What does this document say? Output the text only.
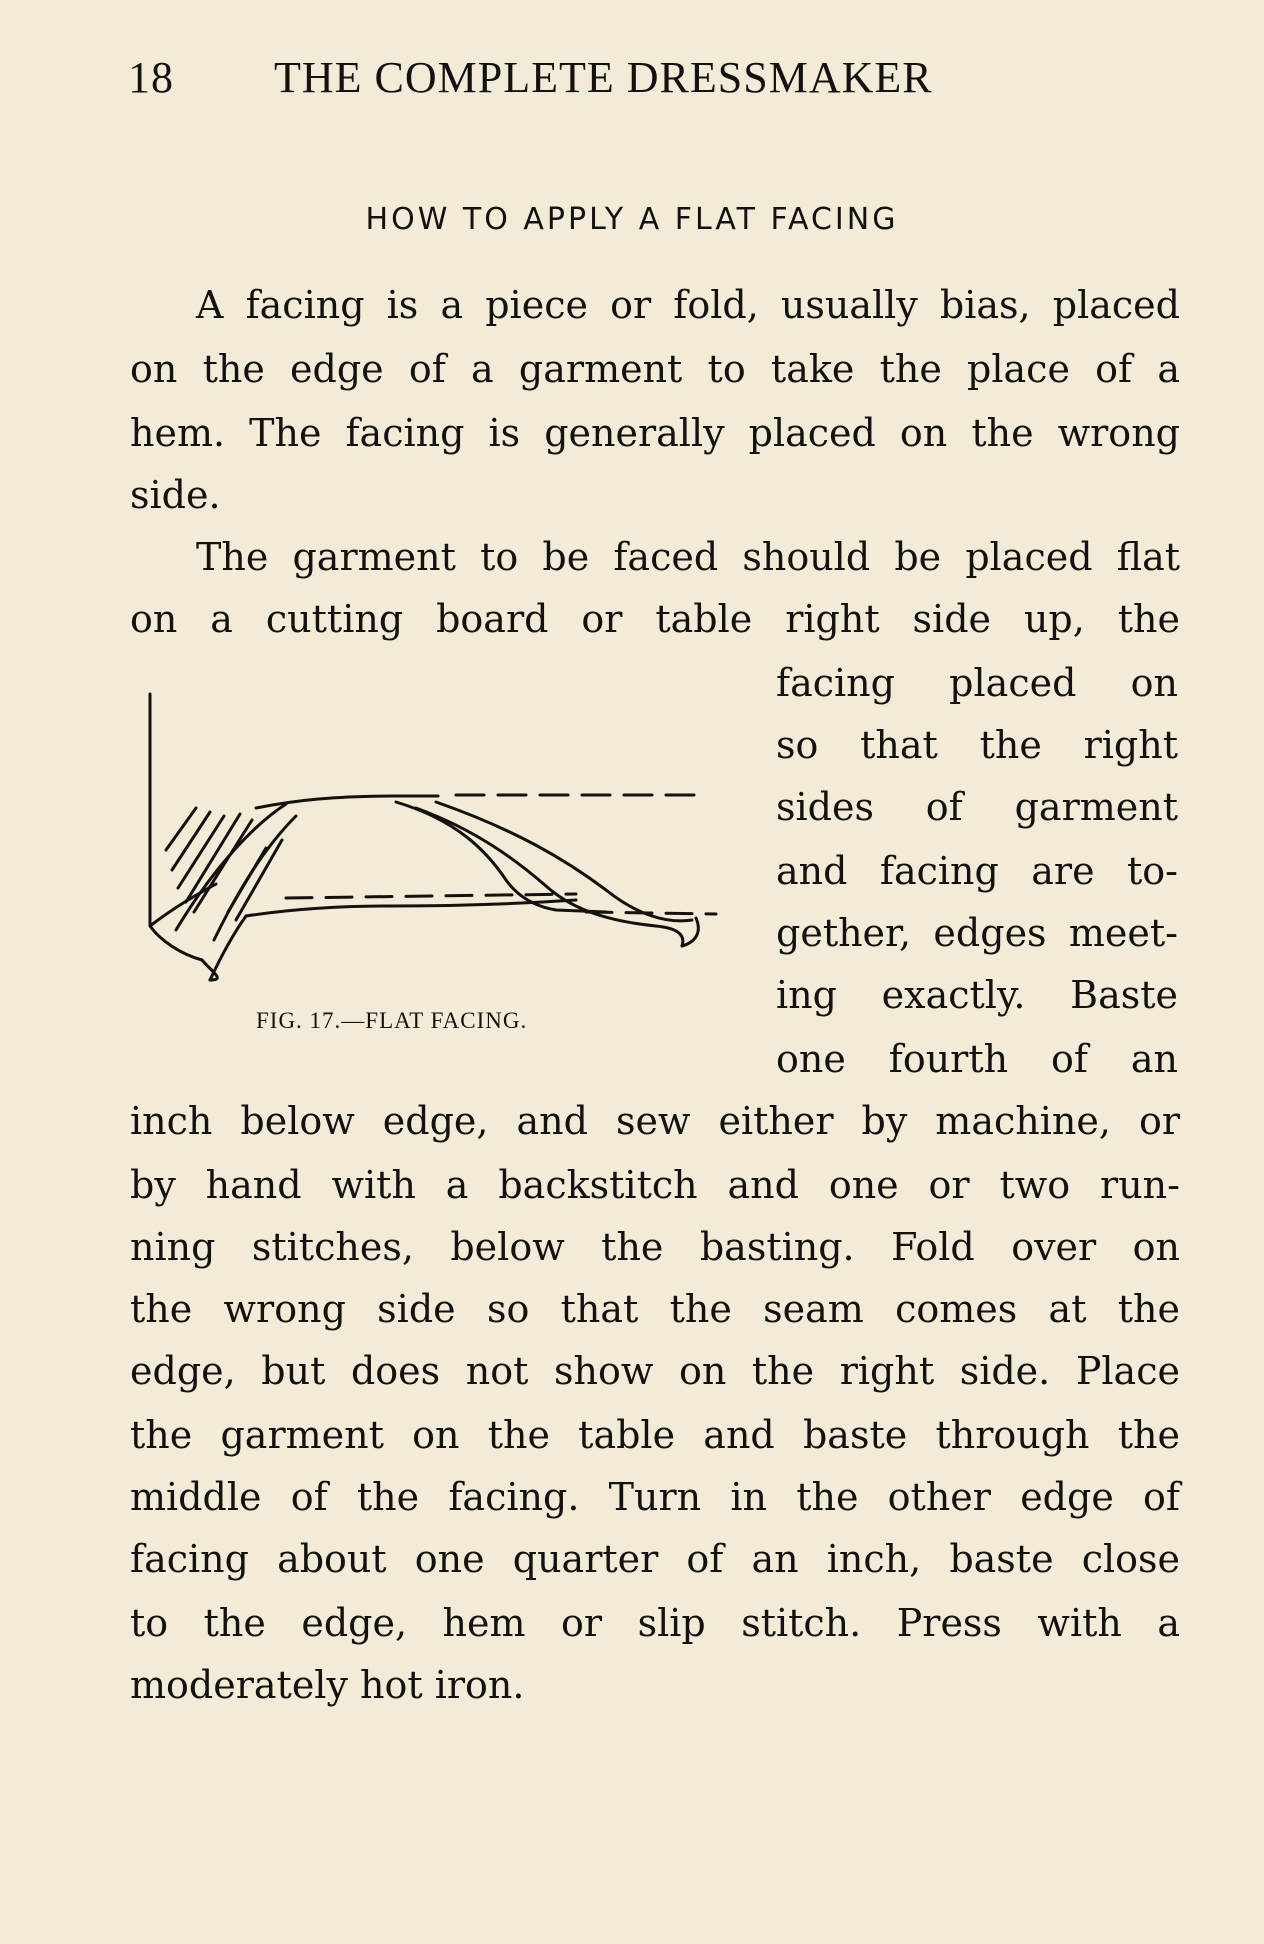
18 THE COMPLETE DRESSMAKER
HOW TO APPLY A FLAT FACING
A facing is a piece or fold, usually bias, placed
on the edge of a garment to take the place of a
hem. The facing is generally placed on the wrong
side.
The garment to be faced should be placed flat
on a cutting board or table right side up, the
facing placed on
so that the right
sides of garment
and facing are to-
gether, edges meet-
ing exactly. Baste
one fourth of an
inch below edge, and sew either by machine, or
by hand with a backstitch and one or two run-
ning stitches, below the basting. Fold over on
the wrong side so that the seam comes at the
edge, but does not show on the right side. Place
the garment on the table and baste through the
middle of the facing. Turn in the other edge of
facing about one quarter of an inch, baste close
to the edge, hem or slip stitch. Press with a
moderately hot iron.
FIG. 17.—FLAT FACING.
